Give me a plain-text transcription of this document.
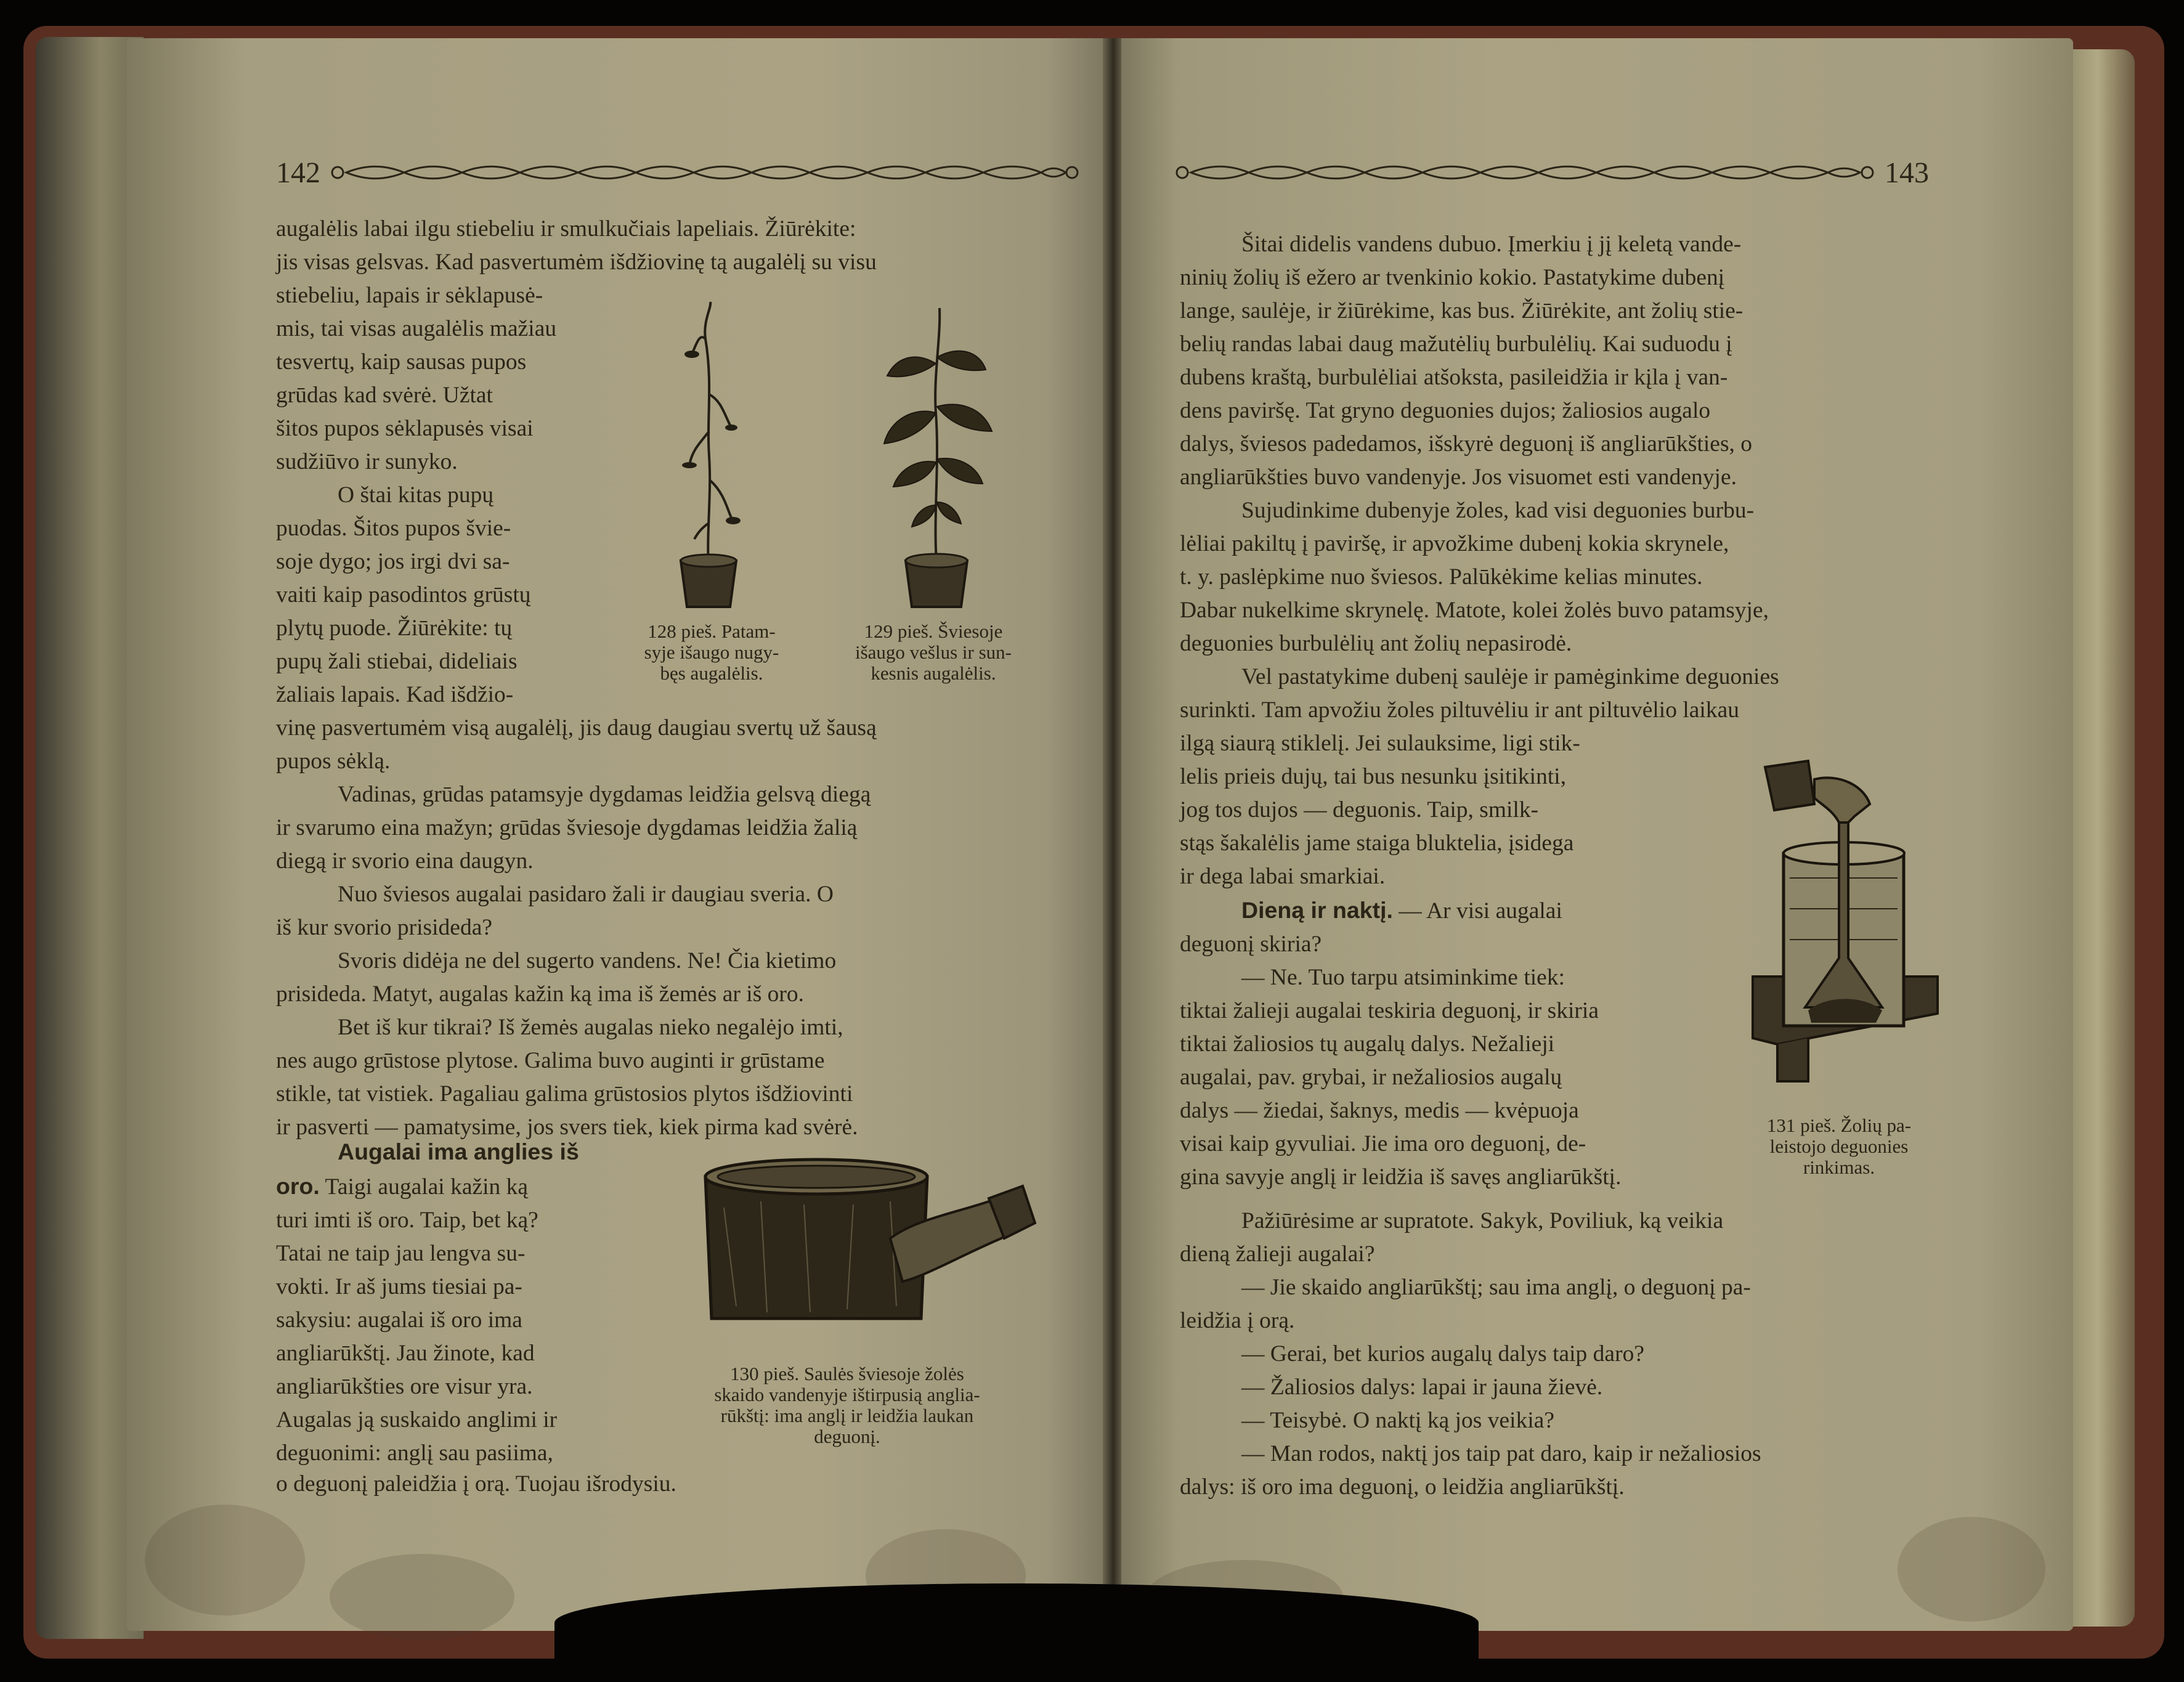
142

augalėlis labai ilgu stiebeliu ir smulkučiais lapeliais. Žiūrėkite:

jis visas gelsvas. Kad pasvertumėm išdžiovinę tą augalėlį su visu

stiebeliu, lapais ir sėklapusė-

mis, tai visas augalėlis mažiau

tesvertų, kaip sausas pupos

grūdas kad svėrė. Užtat

šitos pupos sėklapusės visai

sudžiūvo ir sunyko.

O štai kitas pupų

puodas. Šitos pupos švie-

soje dygo; jos irgi dvi sa-

vaiti kaip pasodintos grūstų

plytų puode. Žiūrėkite: tų

pupų žali stiebai, dideliais

žaliais lapais. Kad išdžio-

128 pieš. Patam-
syje išaugo nugy-
bęs augalėlis.
129 pieš. Šviesoje
išaugo vešlus ir sun-
kesnis augalėlis.

vinę pasvertumėm visą augalėlį, jis daug daugiau svertų už šausą

pupos sėklą.

Vadinas, grūdas patamsyje dygdamas leidžia gelsvą diegą

ir svarumo eina mažyn; grūdas šviesoje dygdamas leidžia žalią

diegą ir svorio eina daugyn.

Nuo šviesos augalai pasidaro žali ir daugiau sveria. O

iš kur svorio prisideda?

Svoris didėja ne del sugerto vandens. Ne! Čia kietimo

prisideda. Matyt, augalas kažin ką ima iš žemės ar iš oro.

Bet iš kur tikrai? Iš žemės augalas nieko negalėjo imti,

nes augo grūstose plytose. Galima buvo auginti ir grūstame

stikle, tat vistiek. Pagaliau galima grūstosios plytos išdžiovinti

ir pasverti — pamatysime, jos svers tiek, kiek pirma kad svėrė.

Augalai ima anglies iš

oro. Taigi augalai kažin ką

turi imti iš oro. Taip, bet ką?

Tatai ne taip jau lengva su-

vokti. Ir aš jums tiesiai pa-

sakysiu: augalai iš oro ima

angliarūkštį. Jau žinote, kad

angliarūkšties ore visur yra.

Augalas ją suskaido anglimi ir

deguonimi: anglį sau pasiima,

o deguonį paleidžia į orą. Tuojau išrodysiu.

130 pieš. Saulės šviesoje žolės
skaido vandenyje ištirpusią anglia-
rūkštį: ima anglį ir leidžia laukan
deguonį.
143

Šitai didelis vandens dubuo. Įmerkiu į jį keletą vande-

ninių žolių iš ežero ar tvenkinio kokio. Pastatykime dubenį

lange, saulėje, ir žiūrėkime, kas bus. Žiūrėkite, ant žolių stie-

belių randas labai daug mažutėlių burbulėlių. Kai suduodu į

dubens kraštą, burbulėliai atšoksta, pasileidžia ir kįla į van-

dens paviršę. Tat gryno deguonies dujos; žaliosios augalo

dalys, šviesos padedamos, išskyrė deguonį iš angliarūkšties, o

angliarūkšties buvo vandenyje. Jos visuomet esti vandenyje.

Sujudinkime dubenyje žoles, kad visi deguonies burbu-

lėliai pakiltų į paviršę, ir apvožkime dubenį kokia skrynele,

t. y. paslėpkime nuo šviesos. Palūkėkime kelias minutes.

Dabar nukelkime skrynelę. Matote, kolei žolės buvo patamsyje,

deguonies burbulėlių ant žolių nepasirodė.

Vel pastatykime dubenį saulėje ir pamėginkime deguonies

surinkti. Tam apvožiu žoles piltuvėliu ir ant piltuvėlio laikau

ilgą siaurą stiklelį. Jei sulauksime, ligi stik-

lelis prieis dujų, tai bus nesunku įsitikinti,

jog tos dujos — deguonis. Taip, smilk-

stąs šakalėlis jame staiga bluktelia, įsidega

ir dega labai smarkiai.

Dieną ir naktį. — Ar visi augalai

deguonį skiria?

— Ne. Tuo tarpu atsiminkime tiek:

tiktai žalieji augalai teskiria deguonį, ir skiria

tiktai žaliosios tų augalų dalys. Nežalieji

augalai, pav. grybai, ir nežaliosios augalų

dalys — žiedai, šaknys, medis — kvėpuoja

visai kaip gyvuliai. Jie ima oro deguonį, de-

gina savyje anglį ir leidžia iš savęs angliarūkštį.

131 pieš. Žolių pa-
leistojo deguonies
rinkimas.

Pažiūrėsime ar supratote. Sakyk, Poviliuk, ką veikia

dieną žalieji augalai?

— Jie skaido angliarūkštį; sau ima anglį, o deguonį pa-

leidžia į orą.

— Gerai, bet kurios augalų dalys taip daro?

— Žaliosios dalys: lapai ir jauna žievė.

— Teisybė. O naktį ką jos veikia?

— Man rodos, naktį jos taip pat daro, kaip ir nežaliosios

dalys: iš oro ima deguonį, o leidžia angliarūkštį.
